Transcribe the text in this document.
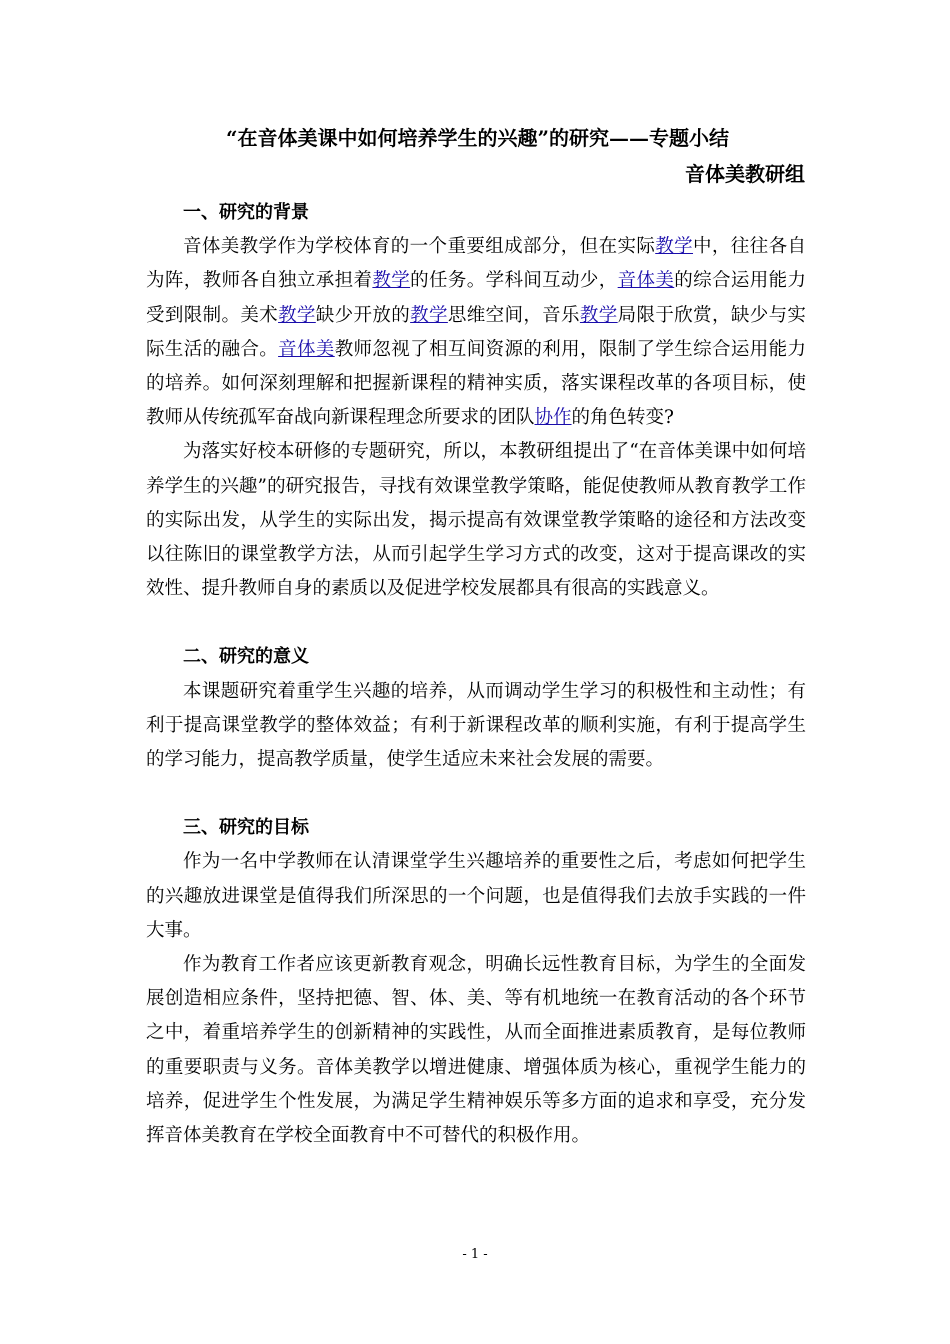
“在音体美课中如何培养学生的兴趣”的研究——专题小结
音体美教研组

一、研究的背景

音体美教学作为学校体育的一个重要组成部分，但在实际教学中，往往各自为阵，教师各自独立承担着教学的任务。学科间互动少，音体美的综合运用能力受到限制。美术教学缺少开放的教学思维空间，音乐教学局限于欣赏，缺少与实际生活的融合。音体美教师忽视了相互间资源的利用，限制了学生综合运用能力的培养。如何深刻理解和把握新课程的精神实质，落实课程改革的各项目标，使教师从传统孤军奋战向新课程理念所要求的团队协作的角色转变?

为落实好校本研修的专题研究，所以，本教研组提出了“在音体美课中如何培养学生的兴趣”的研究报告，寻找有效课堂教学策略，能促使教师从教育教学工作的实际出发，从学生的实际出发，揭示提高有效课堂教学策略的途径和方法改变以往陈旧的课堂教学方法，从而引起学生学习方式的改变，这对于提高课改的实效性、提升教师自身的素质以及促进学校发展都具有很高的实践意义。

二、研究的意义

本课题研究着重学生兴趣的培养，从而调动学生学习的积极性和主动性；有利于提高课堂教学的整体效益；有利于新课程改革的顺利实施，有利于提高学生的学习能力，提高教学质量，使学生适应未来社会发展的需要。

三、研究的目标

作为一名中学教师在认清课堂学生兴趣培养的重要性之后，考虑如何把学生的兴趣放进课堂是值得我们所深思的一个问题，也是值得我们去放手实践的一件大事。

作为教育工作者应该更新教育观念，明确长远性教育目标，为学生的全面发展创造相应条件，坚持把德、智、体、美、等有机地统一在教育活动的各个环节之中，着重培养学生的创新精神的实践性，从而全面推进素质教育，是每位教师的重要职责与义务。音体美教学以增进健康、增强体质为核心，重视学生能力的培养，促进学生个性发展，为满足学生精神娱乐等多方面的追求和享受，充分发挥音体美教育在学校全面教育中不可替代的积极作用。

- 1 -
